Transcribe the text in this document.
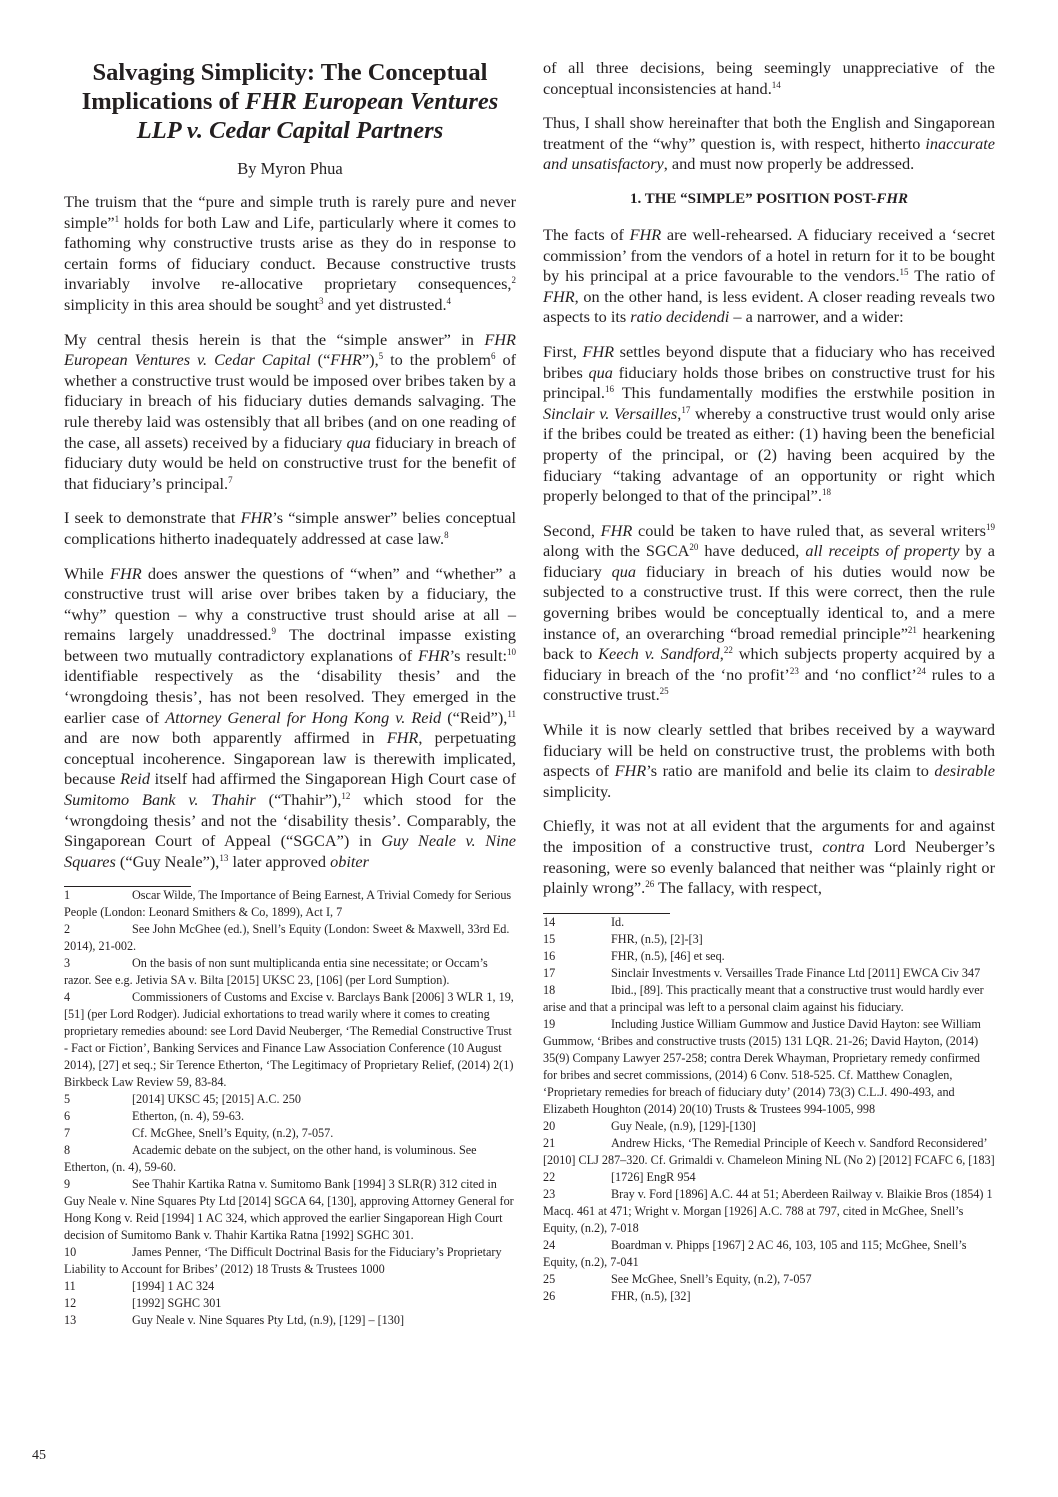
Salvaging Simplicity: The Conceptual Implications of FHR European Ventures LLP v. Cedar Capital Partners
By Myron Phua
The truism that the “pure and simple truth is rarely pure and never simple”$^1$ holds for both Law and Life, particularly where it comes to fathoming why constructive trusts arise as they do in response to certain forms of fiduciary conduct. Because constructive trusts invariably involve re-allocative proprietary consequences,$^2$ simplicity in this area should be sought$^3$ and yet distrusted.$^4$
My central thesis herein is that the “simple answer” in FHR European Ventures v. Cedar Capital (“FHR”),$^5$ to the problem$^6$ of whether a constructive trust would be imposed over bribes taken by a fiduciary in breach of his fiduciary duties demands salvaging. The rule thereby laid was ostensibly that all bribes (and on one reading of the case, all assets) received by a fiduciary qua fiduciary in breach of fiduciary duty would be held on constructive trust for the benefit of that fiduciary’s principal.$^7$
I seek to demonstrate that FHR’s “simple answer” belies conceptual complications hitherto inadequately addressed at case law.$^8$
While FHR does answer the questions of “when” and “whether” a constructive trust will arise over bribes taken by a fiduciary, the “why” question – why a constructive trust should arise at all – remains largely unaddressed.$^9$ The doctrinal impasse existing between two mutually contradictory explanations of FHR’s result:$^{10}$ identifiable respectively as the ‘disability thesis’ and the ‘wrongdoing thesis’, has not been resolved. They emerged in the earlier case of Attorney General for Hong Kong v. Reid (“Reid”),$^{11}$ and are now both apparently affirmed in FHR, perpetuating conceptual incoherence. Singaporean law is therewith implicated, because Reid itself had affirmed the Singaporean High Court case of Sumitomo Bank v. Thahir (“Thahir”),$^{12}$ which stood for the ‘wrongdoing thesis’ and not the ‘disability thesis’. Comparably, the Singaporean Court of Appeal (“SGCA”) in Guy Neale v. Nine Squares (“Guy Neale”),$^{13}$ later approved obiter
1	Oscar Wilde, The Importance of Being Earnest, A Trivial Comedy for Serious People (London: Leonard Smithers & Co, 1899), Act I, 7
2	See John McGhee (ed.), Snell’s Equity (London: Sweet & Maxwell, 33rd Ed. 2014), 21-002.
3	On the basis of non sunt multiplicanda entia sine necessitate; or Occam’s razor. See e.g. Jetivia SA v. Bilta [2015] UKSC 23, [106] (per Lord Sumption).
4	Commissioners of Customs and Excise v. Barclays Bank [2006] 3 WLR 1, 19, [51] (per Lord Rodger). Judicial exhortations to tread warily where it comes to creating proprietary remedies abound: see Lord David Neuberger, ‘The Remedial Constructive Trust - Fact or Fiction’, Banking Services and Finance Law Association Conference (10 August 2014), [27] et seq.; Sir Terence Etherton, ‘The Legitimacy of Proprietary Relief, (2014) 2(1) Birkbeck Law Review 59, 83-84.
5	[2014] UKSC 45; [2015] A.C. 250
6	Etherton, (n. 4), 59-63.
7	Cf. McGhee, Snell’s Equity, (n.2), 7-057.
8	Academic debate on the subject, on the other hand, is voluminous. See Etherton, (n. 4), 59-60.
9	See Thahir Kartika Ratna v. Sumitomo Bank [1994] 3 SLR(R) 312 cited in Guy Neale v. Nine Squares Pty Ltd [2014] SGCA 64, [130], approving Attorney General for Hong Kong v. Reid [1994] 1 AC 324, which approved the earlier Singaporean High Court decision of Sumitomo Bank v. Thahir Kartika Ratna [1992] SGHC 301.
10	James Penner, ‘The Difficult Doctrinal Basis for the Fiduciary’s Proprietary Liability to Account for Bribes’ (2012) 18 Trusts & Trustees 1000
11	[1994] 1 AC 324
12	[1992] SGHC 301
13	Guy Neale v. Nine Squares Pty Ltd, (n.9), [129] – [130]
of all three decisions, being seemingly unappreciative of the conceptual inconsistencies at hand.$^{14}$
Thus, I shall show hereinafter that both the English and Singaporean treatment of the “why” question is, with respect, hitherto inaccurate and unsatisfactory, and must now properly be addressed.
1. THE “SIMPLE” POSITION POST-FHR
The facts of FHR are well-rehearsed. A fiduciary received a ‘secret commission’ from the vendors of a hotel in return for it to be bought by his principal at a price favourable to the vendors.$^{15}$ The ratio of FHR, on the other hand, is less evident. A closer reading reveals two aspects to its ratio decidendi – a narrower, and a wider:
First, FHR settles beyond dispute that a fiduciary who has received bribes qua fiduciary holds those bribes on constructive trust for his principal.$^{16}$ This fundamentally modifies the erstwhile position in Sinclair v. Versailles,$^{17}$ whereby a constructive trust would only arise if the bribes could be treated as either: (1) having been the beneficial property of the principal, or (2) having been acquired by the fiduciary “taking advantage of an opportunity or right which properly belonged to that of the principal”.$^{18}$
Second, FHR could be taken to have ruled that, as several writers$^{19}$ along with the SGCA$^{20}$ have deduced, all receipts of property by a fiduciary qua fiduciary in breach of his duties would now be subjected to a constructive trust. If this were correct, then the rule governing bribes would be conceptually identical to, and a mere instance of, an overarching “broad remedial principle”$^{21}$ hearkening back to Keech v. Sandford,$^{22}$ which subjects property acquired by a fiduciary in breach of the ‘no profit’$^{23}$ and ‘no conflict’$^{24}$ rules to a constructive trust.$^{25}$
While it is now clearly settled that bribes received by a wayward fiduciary will be held on constructive trust, the problems with both aspects of FHR’s ratio are manifold and belie its claim to desirable simplicity.
Chiefly, it was not at all evident that the arguments for and against the imposition of a constructive trust, contra Lord Neuberger’s reasoning, were so evenly balanced that neither was “plainly right or plainly wrong”.$^{26}$ The fallacy, with respect,
14	Id.
15	FHR, (n.5), [2]-[3]
16	FHR, (n.5), [46] et seq.
17	Sinclair Investments v. Versailles Trade Finance Ltd [2011] EWCA Civ 347
18	Ibid., [89]. This practically meant that a constructive trust would hardly ever arise and that a principal was left to a personal claim against his fiduciary.
19	Including Justice William Gummow and Justice David Hayton: see William Gummow, ‘Bribes and constructive trusts (2015) 131 LQR. 21-26; David Hayton, (2014) 35(9) Company Lawyer 257-258; contra Derek Whayman, Proprietary remedy confirmed for bribes and secret commissions, (2014) 6 Conv. 518-525. Cf. Matthew Conaglen, ‘Proprietary remedies for breach of fiduciary duty’ (2014) 73(3) C.L.J. 490-493, and Elizabeth Houghton (2014) 20(10) Trusts & Trustees 994-1005, 998
20	Guy Neale, (n.9), [129]-[130]
21	Andrew Hicks, ‘The Remedial Principle of Keech v. Sandford Reconsidered’ [2010] CLJ 287–320. Cf. Grimaldi v. Chameleon Mining NL (No 2) [2012] FCAFC 6, [183]
22	[1726] EngR 954
23	Bray v. Ford [1896] A.C. 44 at 51; Aberdeen Railway v. Blaikie Bros (1854) 1 Macq. 461 at 471; Wright v. Morgan [1926] A.C. 788 at 797, cited in McGhee, Snell’s Equity, (n.2), 7-018
24	Boardman v. Phipps [1967] 2 AC 46, 103, 105 and 115; McGhee, Snell’s Equity, (n.2), 7-041
25	See McGhee, Snell’s Equity, (n.2), 7-057
26	FHR, (n.5), [32]
45
